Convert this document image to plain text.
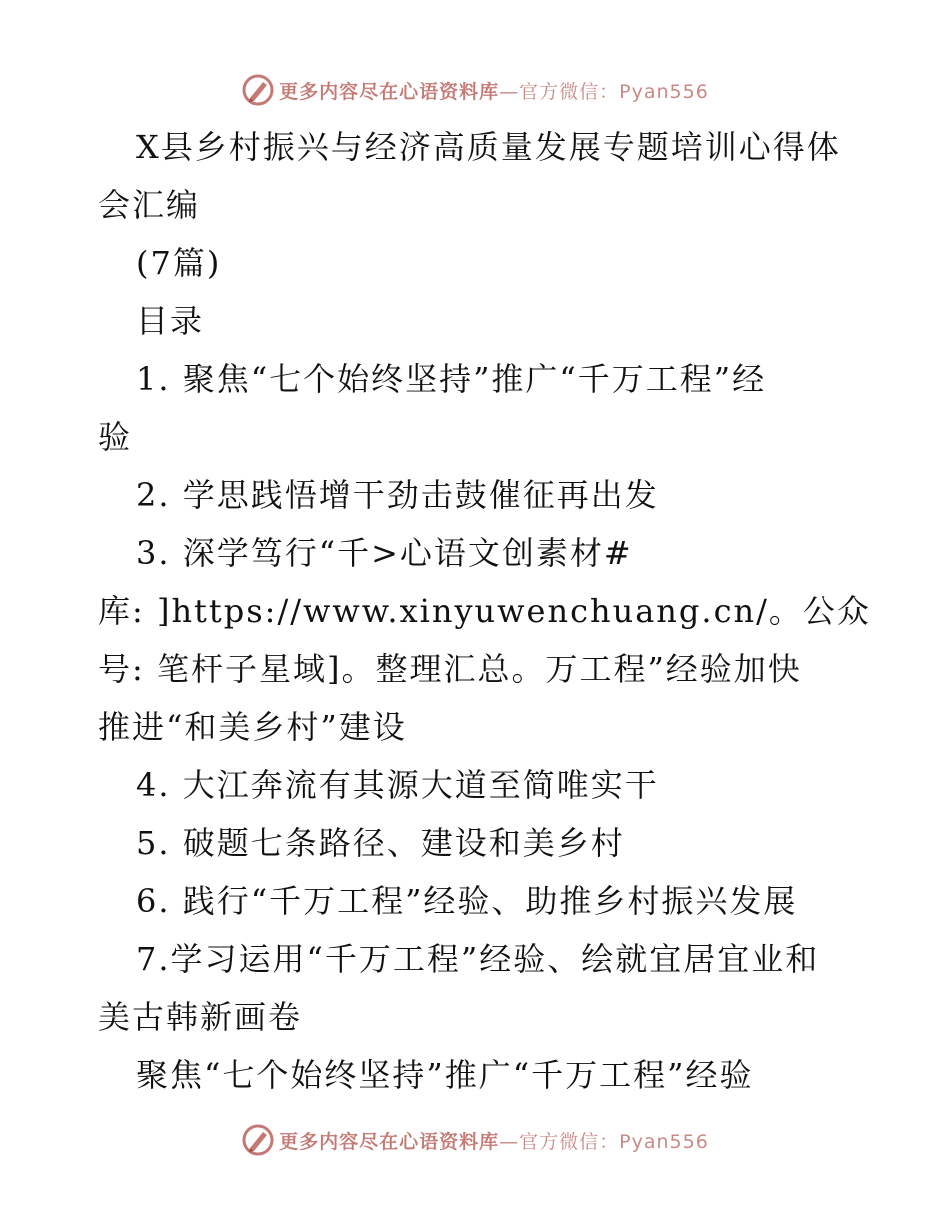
更多内容尽在心语资料库—官方微信：Pyan556
X县乡村振兴与经济高质量发展专题培训心得体
会汇编
(7篇)
目录
1. 聚焦“七个始终坚持”推广“千万工程”经
验
2. 学思践悟增干劲击鼓催征再出发
3. 深学笃行“千>心语文创素材#
库: ]https://www.xinyuwenchuang.cn/。公众
号: 笔杆子星域]。整理汇总。万工程”经验加快
推进“和美乡村”建设
4. 大江奔流有其源大道至简唯实干
5. 破题七条路径、建设和美乡村
6. 践行“千万工程”经验、助推乡村振兴发展
7.学习运用“千万工程”经验、绘就宜居宜业和
美古韩新画卷
聚焦“七个始终坚持”推广“千万工程”经验
更多内容尽在心语资料库—官方微信：Pyan556
